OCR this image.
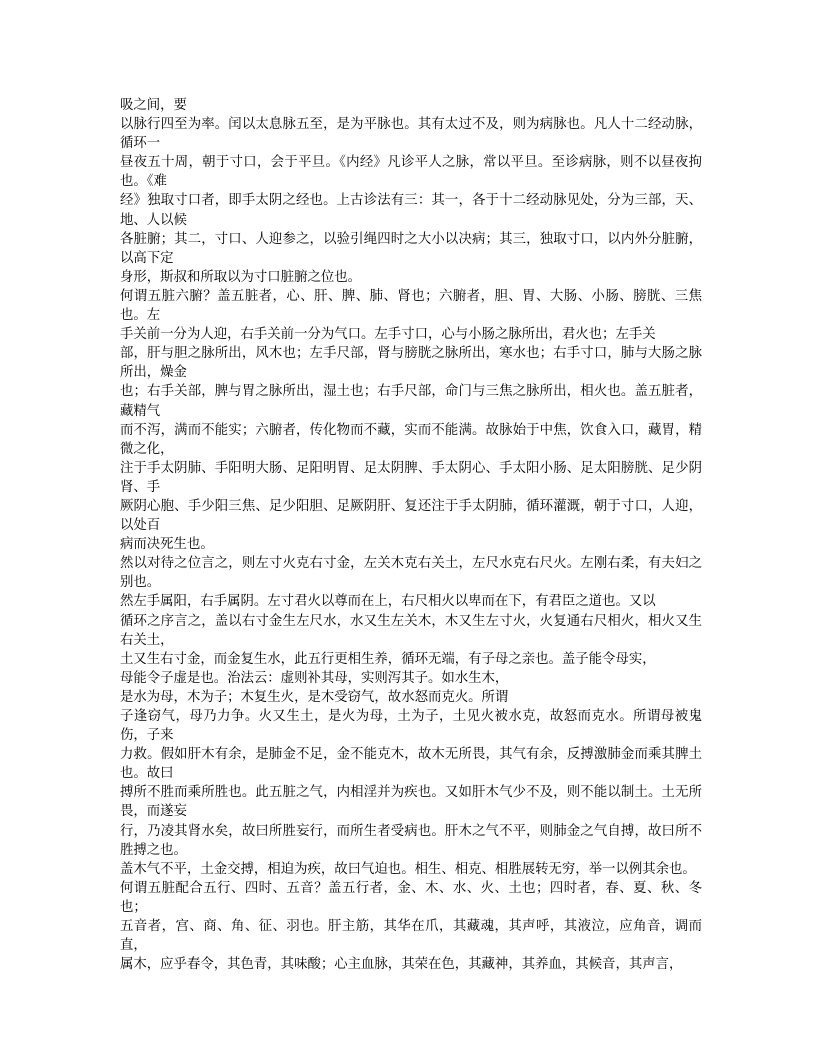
吸之间，要

以脉行四至为率。闰以太息脉五至，是为平脉也。其有太过不及，则为病脉也。凡人十二经动脉，循环一

昼夜五十周，朝于寸口，会于平旦。《内经》凡诊平人之脉，常以平旦。至诊病脉，则不以昼夜拘也。《难

经》独取寸口者，即手太阴之经也。上古诊法有三：其一，各于十二经动脉见处，分为三部，天、地、人以候

各脏腑；其二，寸口、人迎参之，以验引绳四时之大小以决病；其三，独取寸口，以内外分脏腑，以高下定

身形，斯叔和所取以为寸口脏腑之位也。

何谓五脏六腑？盖五脏者，心、肝、脾、肺、肾也；六腑者，胆、胃、大肠、小肠、膀胱、三焦也。左

手关前一分为人迎，右手关前一分为气口。左手寸口，心与小肠之脉所出，君火也；左手关

部，肝与胆之脉所出，风木也；左手尺部，肾与膀胱之脉所出，寒水也；右手寸口，肺与大肠之脉所出，燥金

也；右手关部，脾与胃之脉所出，湿土也；右手尺部，命门与三焦之脉所出，相火也。盖五脏者，藏精气

而不泻，满而不能实；六腑者，传化物而不藏，实而不能满。故脉始于中焦，饮食入口，藏胃，精微之化，

注于手太阴肺、手阳明大肠、足阳明胃、足太阴脾、手太阴心、手太阳小肠、足太阳膀胱、足少阴肾、手

厥阴心胞、手少阳三焦、足少阳胆、足厥阴肝、复还注于手太阴肺，循环灌溉，朝于寸口，人迎，以处百

病而决死生也。

然以对待之位言之，则左寸火克右寸金，左关木克右关土，左尺水克右尺火。左刚右柔，有夫妇之别也。

然左手属阳，右手属阴。左寸君火以尊而在上，右尺相火以卑而在下，有君臣之道也。又以

循环之序言之，盖以右寸金生左尺水，水又生左关木，木又生左寸火，火复通右尺相火，相火又生右关土，

土又生右寸金，而金复生水，此五行更相生养，循环无端，有子母之亲也。盖子能令母实，

母能令子虚是也。治法云：虚则补其母，实则泻其子。如水生木，

是水为母，木为子；木复生火，是木受窃气，故水怒而克火。所谓

子逢窃气，母乃力争。火又生土，是火为母，土为子，土见火被水克，故怒而克水。所谓母被鬼伤，子来

力救。假如肝木有余，是肺金不足，金不能克木，故木无所畏，其气有余，反搏激肺金而乘其脾土也。故曰

搏所不胜而乘所胜也。此五脏之气，内相淫并为疾也。又如肝木气少不及，则不能以制土。土无所畏，而遂妄

行，乃凌其肾水矣，故曰所胜妄行，而所生者受病也。肝木之气不平，则肺金之气自搏，故曰所不胜搏之也。

盖木气不平，土金交搏，相迫为疾，故曰气迫也。相生、相克、相胜展转无穷，举一以例其余也。

何谓五脏配合五行、四时、五音？盖五行者，金、木、水、火、土也；四时者，春、夏、秋、冬也；

五音者，宫、商、角、征、羽也。肝主筋，其华在爪，其藏魂，其声呼，其液泣，应角音，调而直，

属木，应乎春令，其色青，其味酸；心主血脉，其荣在色，其藏神，其养血，其候音，其声言，
